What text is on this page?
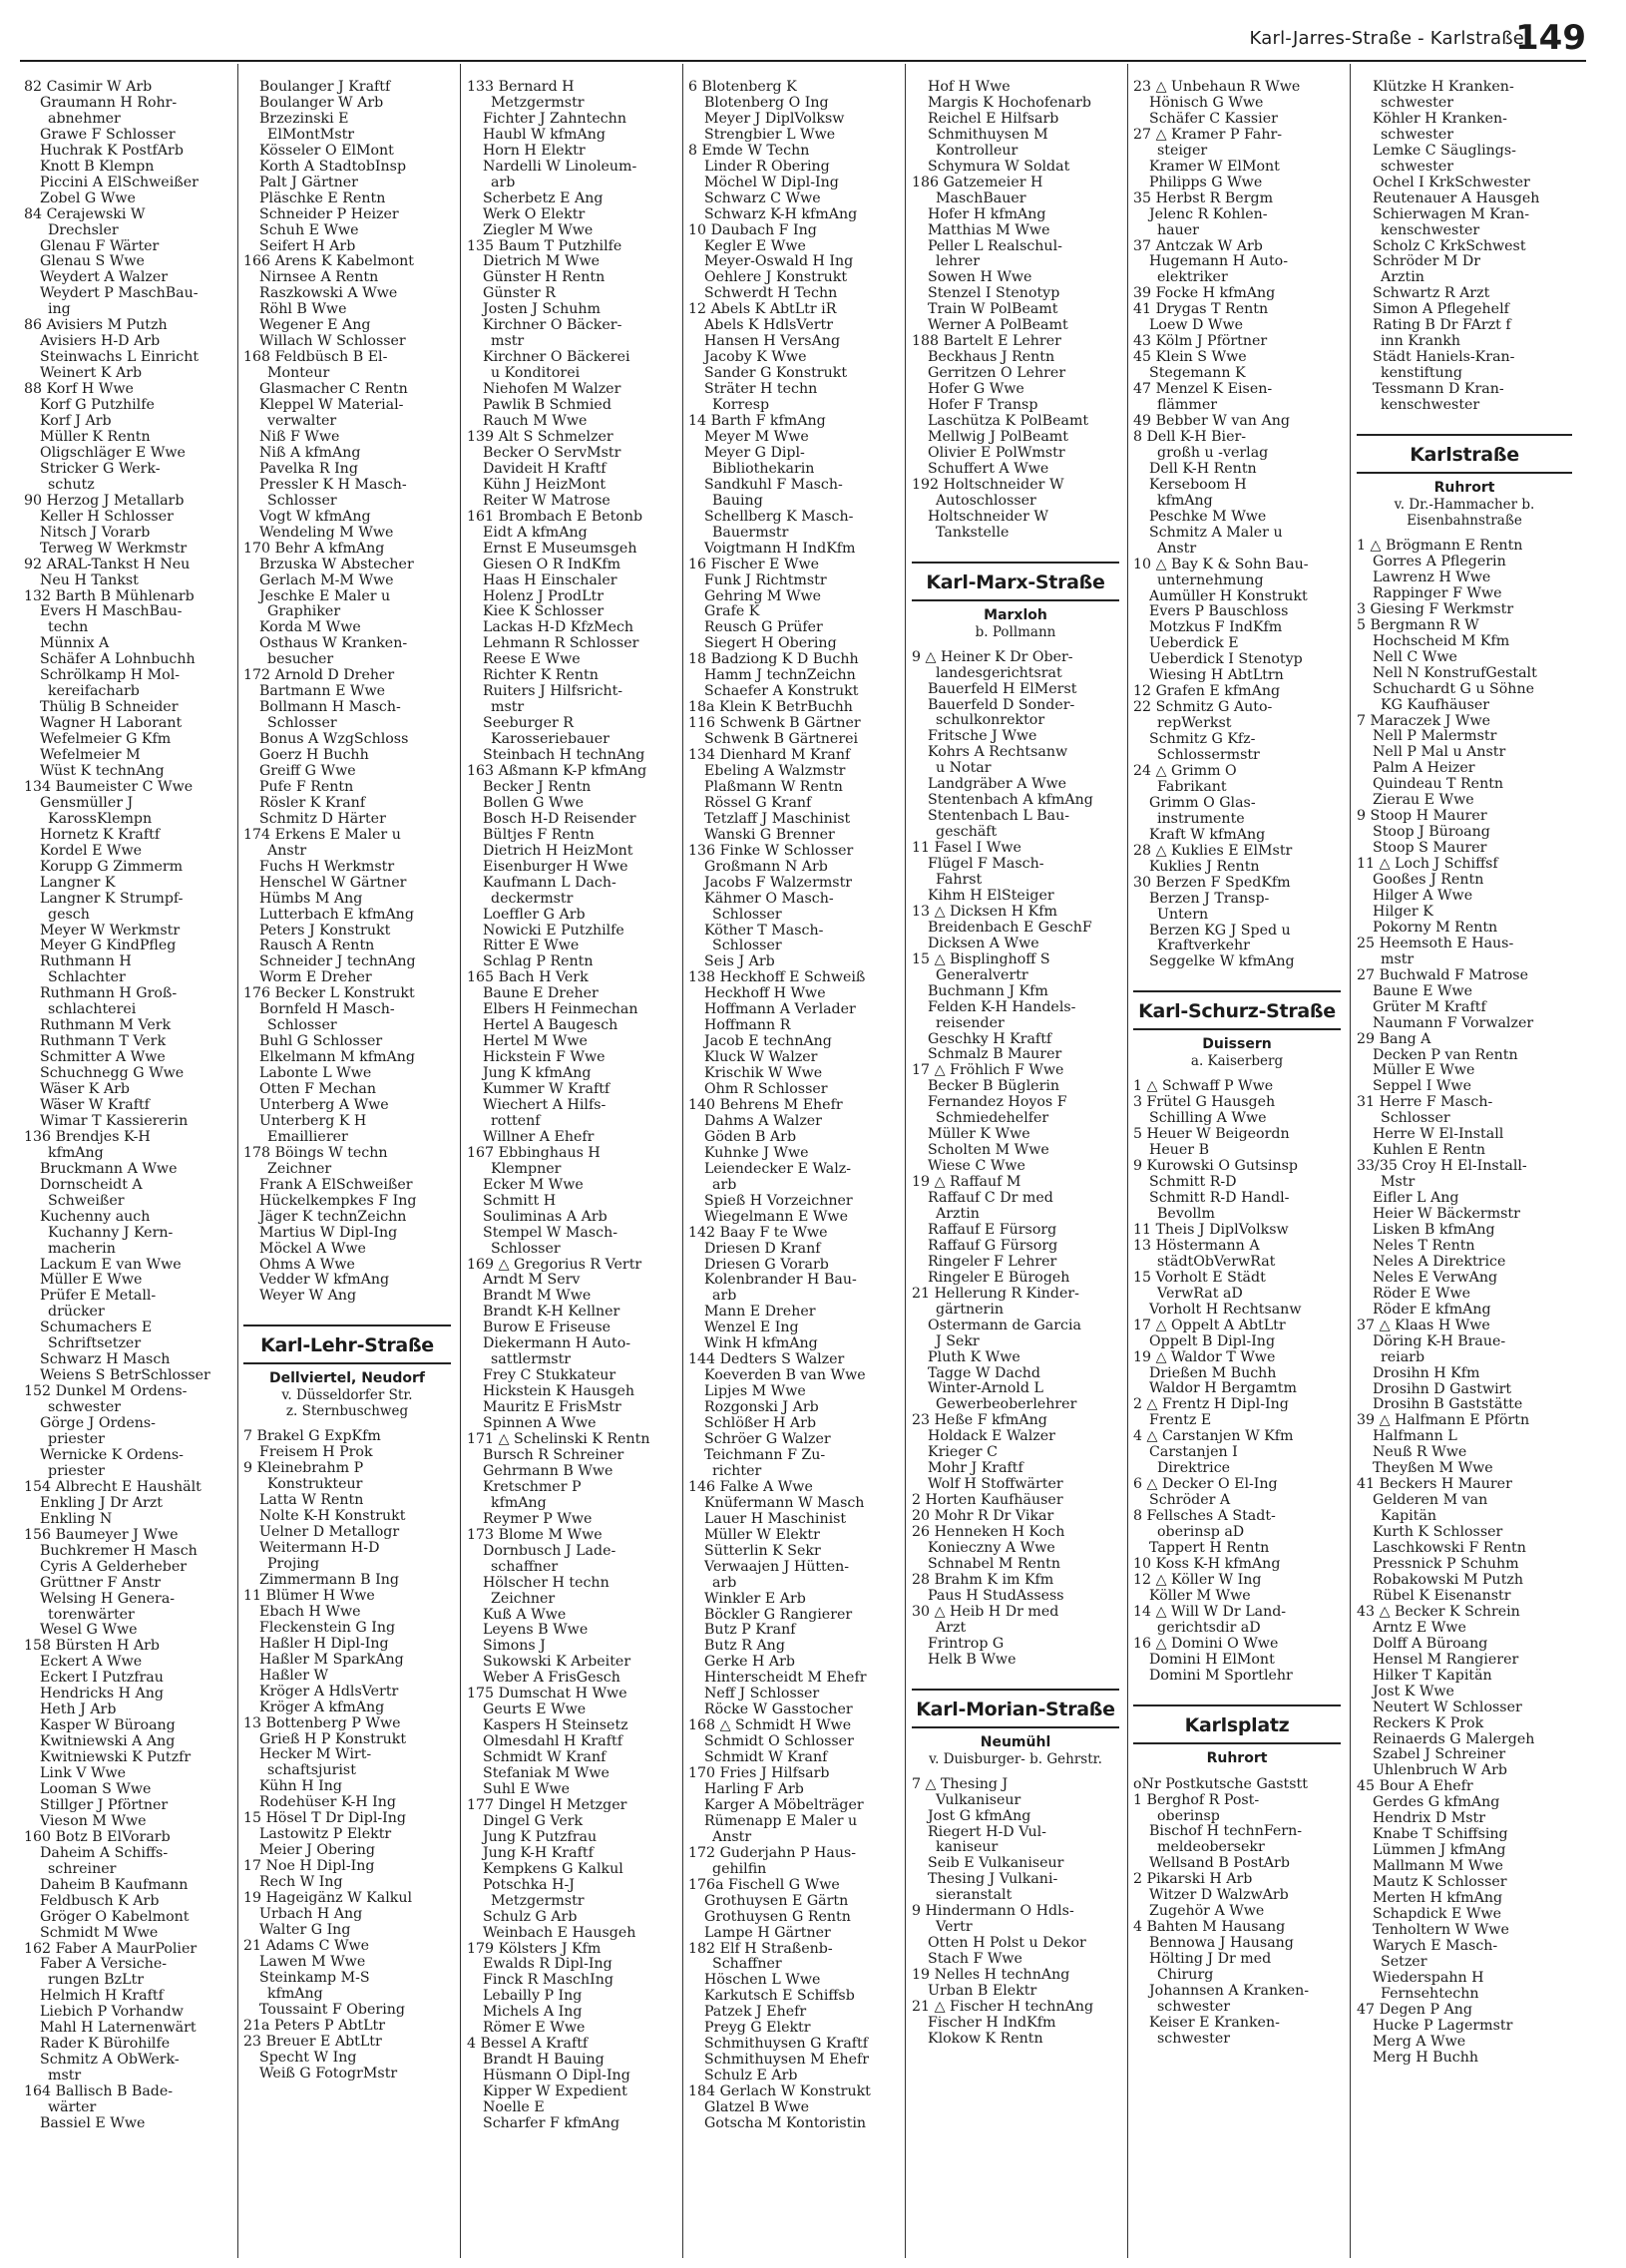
Karl-Jarres-Straße - Karlstraße
149
82 Casimir W Arb
Graumann H Rohr-
abnehmer
Grawe F Schlosser
Huchrak K PostfArb
Knott B Klempn
Piccini A ElSchweißer
Zobel G Wwe
84 Cerajewski W
Drechsler
Glenau F Wärter
Glenau S Wwe
Weydert A Walzer
Weydert P MaschBau-
ing
86 Avisiers M Putzh
Avisiers H-D Arb
Steinwachs L Einricht
Weinert K Arb
88 Korf H Wwe
Korf G Putzhilfe
Korf J Arb
Müller K Rentn
Oligschläger E Wwe
Stricker G Werk-
schutz
90 Herzog J Metallarb
Keller H Schlosser
Nitsch J Vorarb
Terweg W Werkmstr
92 ARAL-Tankst H Neu
Neu H Tankst
132 Barth B Mühlenarb
Evers H MaschBau-
techn
Münnix A
Schäfer A Lohnbuchh
Schrölkamp H Mol-
kereifacharb
Thülig B Schneider
Wagner H Laborant
Wefelmeier G Kfm
Wefelmeier M
Wüst K technAng
134 Baumeister C Wwe
Gensmüller J
KarossKlempn
Hornetz K Kraftf
Kordel E Wwe
Korupp G Zimmerm
Langner K
Langner K Strumpf-
gesch
Meyer W Werkmstr
Meyer G KindPfleg
Ruthmann H
Schlachter
Ruthmann H Groß-
schlachterei
Ruthmann M Verk
Ruthmann T Verk
Schmitter A Wwe
Schuchnegg G Wwe
Wäser K Arb
Wäser W Kraftf
Wimar T Kassiererin
136 Brendjes K-H
kfmAng
Bruckmann A Wwe
Dornscheidt A
Schweißer
Kuchenny auch
Kuchanny J Kern-
macherin
Lackum E van Wwe
Müller E Wwe
Prüfer E Metall-
drücker
Schumachers E
Schriftsetzer
Schwarz H Masch
Weiens S BetrSchlosser
152 Dunkel M Ordens-
schwester
Görge J Ordens-
priester
Wernicke K Ordens-
priester
154 Albrecht E Haushält
Enkling J Dr Arzt
Enkling N
156 Baumeyer J Wwe
Buchkremer H Masch
Cyris A Gelderheber
Grüttner F Anstr
Welsing H Genera-
torenwärter
Wesel G Wwe
158 Bürsten H Arb
Eckert A Wwe
Eckert I Putzfrau
Hendricks H Ang
Heth J Arb
Kasper W Büroang
Kwitniewski A Ang
Kwitniewski K Putzfr
Link V Wwe
Looman S Wwe
Stillger J Pförtner
Vieson M Wwe
160 Botz B ElVorarb
Daheim A Schiffs-
schreiner
Daheim B Kaufmann
Feldbusch K Arb
Gröger O Kabelmont
Schmidt M Wwe
162 Faber A MaurPolier
Faber A Versiche-
rungen BzLtr
Helmich H Kraftf
Liebich P Vorhandw
Mahl H Laternenwärt
Rader K Bürohilfe
Schmitz A ObWerk-
mstr
164 Ballisch B Bade-
wärter
Bassiel E Wwe
Boulanger J Kraftf
Boulanger W Arb
Brzezinski E
ElMontMstr
Kösseler O ElMont
Korth A StadtobInsp
Palt J Gärtner
Pläschke E Rentn
Schneider P Heizer
Schuh E Wwe
Seifert H Arb
166 Arens K Kabelmont
Nirnsee A Rentn
Raszkowski A Wwe
Röhl B Wwe
Wegener E Ang
Willach W Schlosser
168 Feldbüsch B El-
Monteur
Glasmacher C Rentn
Kleppel W Material-
verwalter
Niß F Wwe
Niß A kfmAng
Pavelka R Ing
Pressler K H Masch-
Schlosser
Vogt W kfmAng
Wendeling M Wwe
170 Behr A kfmAng
Brzuska W Abstecher
Gerlach M-M Wwe
Jeschke E Maler u
Graphiker
Korda M Wwe
Osthaus W Kranken-
besucher
172 Arnold D Dreher
Bartmann E Wwe
Bollmann H Masch-
Schlosser
Bonus A WzgSchloss
Goerz H Buchh
Greiff G Wwe
Pufe F Rentn
Rösler K Kranf
Schmitz D Härter
174 Erkens E Maler u
Anstr
Fuchs H Werkmstr
Henschel W Gärtner
Hümbs M Ang
Lutterbach E kfmAng
Peters J Konstrukt
Rausch A Rentn
Schneider J technAng
Worm E Dreher
176 Becker L Konstrukt
Bornfeld H Masch-
Schlosser
Buhl G Schlosser
Elkelmann M kfmAng
Labonte L Wwe
Otten F Mechan
Unterberg A Wwe
Unterberg K H
Emaillierer
178 Böings W techn
Zeichner
Frank A ElSchweißer
Hückelkempkes F Ing
Jäger K technZeichn
Martius W Dipl-Ing
Möckel A Wwe
Ohms A Wwe
Vedder W kfmAng
Weyer W Ang
Karl-Lehr-Straße
Dellviertel, Neudorf
v. Düsseldorfer Str.
z. Sternbuschweg
7 Brakel G ExpKfm
Freisem H Prok
9 Kleinebrahm P
Konstrukteur
Latta W Rentn
Nolte K-H Konstrukt
Uelner D Metallogr
Weitermann H-D
Projing
Zimmermann B Ing
11 Blümer H Wwe
Ebach H Wwe
Fleckenstein G Ing
Haßler H Dipl-Ing
Haßler M SparkAng
Haßler W
Kröger A HdlsVertr
Kröger A kfmAng
13 Bottenberg P Wwe
Grieß H P Konstrukt
Hecker M Wirt-
schaftsjurist
Kühn H Ing
Rodehüser K-H Ing
15 Hösel T Dr Dipl-Ing
Lastowitz P Elektr
Meier J Obering
17 Noe H Dipl-Ing
Rech W Ing
19 Hageigänz W Kalkul
Urbach H Ang
Walter G Ing
21 Adams C Wwe
Lawen M Wwe
Steinkamp M-S
kfmAng
Toussaint F Obering
21a Peters P AbtLtr
23 Breuer E AbtLtr
Specht W Ing
Weiß G FotogrMstr
133 Bernard H
Metzgermstr
Fichter J Zahntechn
Haubl W kfmAng
Horn H Elektr
Nardelli W Linoleum-
arb
Scherbetz E Ang
Werk O Elektr
Ziegler M Wwe
135 Baum T Putzhilfe
Dietrich M Wwe
Günster H Rentn
Günster R
Josten J Schuhm
Kirchner O Bäcker-
mstr
Kirchner O Bäckerei
u Konditorei
Niehofen M Walzer
Pawlik B Schmied
Rauch M Wwe
139 Alt S Schmelzer
Becker O ServMstr
Davideit H Kraftf
Kühn J HeizMont
Reiter W Matrose
161 Brombach E Betonb
Eidt A kfmAng
Ernst E Museumsgeh
Giesen O R IndKfm
Haas H Einschaler
Holenz J ProdLtr
Kiee K Schlosser
Lackas H-D KfzMech
Lehmann R Schlosser
Reese E Wwe
Richter K Rentn
Ruiters J Hilfsricht-
mstr
Seeburger R
Karosseriebauer
Steinbach H technAng
163 Aßmann K-P kfmAng
Becker J Rentn
Bollen G Wwe
Bosch H-D Reisender
Bültjes F Rentn
Dietrich H HeizMont
Eisenburger H Wwe
Kaufmann L Dach-
deckermstr
Loeffler G Arb
Nowicki E Putzhilfe
Ritter E Wwe
Schlag P Rentn
165 Bach H Verk
Baune E Dreher
Elbers H Feinmechan
Hertel A Baugesch
Hertel M Wwe
Hickstein F Wwe
Jung K kfmAng
Kummer W Kraftf
Wiechert A Hilfs-
rottenf
Willner A Ehefr
167 Ebbinghaus H
Klempner
Ecker M Wwe
Schmitt H
Souliminas A Arb
Stempel W Masch-
Schlosser
169 △ Gregorius R Vertr
Arndt M Serv
Brandt M Wwe
Brandt K-H Kellner
Burow E Friseuse
Diekermann H Auto-
sattlermstr
Frey C Stukkateur
Hickstein K Hausgeh
Mauritz E FrisMstr
Spinnen A Wwe
171 △ Schelinski K Rentn
Bursch R Schreiner
Gehrmann B Wwe
Kretschmer P
kfmAng
Reymer P Wwe
173 Blome M Wwe
Dornbusch J Lade-
schaffner
Hölscher H techn
Zeichner
Kuß A Wwe
Leyens B Wwe
Simons J
Sukowski K Arbeiter
Weber A FrisGesch
175 Dumschat H Wwe
Geurts E Wwe
Kaspers H Steinsetz
Olmesdahl H Kraftf
Schmidt W Kranf
Stefaniak M Wwe
Suhl E Wwe
177 Dingel H Metzger
Dingel G Verk
Jung K Putzfrau
Jung K-H Kraftf
Kempkens G Kalkul
Potschka H-J
Metzgermstr
Schulz G Arb
Weinbach E Hausgeh
179 Kölsters J Kfm
Ewalds R Dipl-Ing
Finck R MaschIng
Lebailly P Ing
Michels A Ing
Römer E Wwe
4 Bessel A Kraftf
Brandt H Bauing
Hüsmann O Dipl-Ing
Kipper W Expedient
Noelle E
Scharfer F kfmAng
6 Blotenberg K
Blotenberg O Ing
Meyer J DiplVolksw
Strengbier L Wwe
8 Emde W Techn
Linder R Obering
Möchel W Dipl-Ing
Schwarz C Wwe
Schwarz K-H kfmAng
10 Daubach F Ing
Kegler E Wwe
Meyer-Oswald H Ing
Oehlere J Konstrukt
Schwerdt H Techn
12 Abels K AbtLtr iR
Abels K HdlsVertr
Hansen H VersAng
Jacoby K Wwe
Sander G Konstrukt
Sträter H techn
Korresp
14 Barth F kfmAng
Meyer M Wwe
Meyer G Dipl-
Bibliothekarin
Sandkuhl F Masch-
Bauing
Schellberg K Masch-
Bauermstr
Voigtmann H IndKfm
16 Fischer E Wwe
Funk J Richtmstr
Gehring M Wwe
Grafe K
Reusch G Prüfer
Siegert H Obering
18 Badziong K D Buchh
Hamm J technZeichn
Schaefer A Konstrukt
18a Klein K BetrBuchh
116 Schwenk B Gärtner
Schwenk B Gärtnerei
134 Dienhard M Kranf
Ebeling A Walzmstr
Plaßmann W Rentn
Rössel G Kranf
Tetzlaff J Maschinist
Wanski G Brenner
136 Finke W Schlosser
Großmann N Arb
Jacobs F Walzermstr
Kähmer O Masch-
Schlosser
Köther T Masch-
Schlosser
Seis J Arb
138 Heckhoff E Schweiß
Heckhoff H Wwe
Hoffmann A Verlader
Hoffmann R
Jacob E technAng
Kluck W Walzer
Krischik W Wwe
Ohm R Schlosser
140 Behrens M Ehefr
Dahms A Walzer
Göden B Arb
Kuhnke J Wwe
Leiendecker E Walz-
arb
Spieß H Vorzeichner
Wiegelmann E Wwe
142 Baay F te Wwe
Driesen D Kranf
Driesen G Vorarb
Kolenbrander H Bau-
arb
Mann E Dreher
Wenzel E Ing
Wink H kfmAng
144 Dedters S Walzer
Koeverden B van Wwe
Lipjes M Wwe
Rozgonski J Arb
Schlößer H Arb
Schröer G Walzer
Teichmann F Zu-
richter
146 Falke A Wwe
Knüfermann W Masch
Lauer H Maschinist
Müller W Elektr
Sütterlin K Sekr
Verwaajen J Hütten-
arb
Winkler E Arb
Böckler G Rangierer
Butz P Kranf
Butz R Ang
Gerke H Arb
Hinterscheidt M Ehefr
Neff J Schlosser
Röcke W Gasstocher
168 △ Schmidt H Wwe
Schmidt O Schlosser
Schmidt W Kranf
170 Fries J Hilfsarb
Harling F Arb
Karger A Möbelträger
Rümenapp E Maler u
Anstr
172 Guderjahn P Haus-
gehilfin
176a Fischell G Wwe
Grothuysen E Gärtn
Grothuysen G Rentn
Lampe H Gärtner
182 Elf H Straßenb-
Schaffner
Höschen L Wwe
Karkutsch E Schiffsb
Patzek J Ehefr
Preyg G Elektr
Schmithuysen G Kraftf
Schmithuysen M Ehefr
Schulz E Arb
184 Gerlach W Konstrukt
Glatzel B Wwe
Gotscha M Kontoristin
Hof H Wwe
Margis K Hochofenarb
Reichel E Hilfsarb
Schmithuysen M
Kontrolleur
Schymura W Soldat
186 Gatzemeier H
MaschBauer
Hofer H kfmAng
Matthias M Wwe
Peller L Realschul-
lehrer
Sowen H Wwe
Stenzel I Stenotyp
Train W PolBeamt
Werner A PolBeamt
188 Bartelt E Lehrer
Beckhaus J Rentn
Gerritzen O Lehrer
Hofer G Wwe
Hofer F Transp
Laschütza K PolBeamt
Mellwig J PolBeamt
Olivier E PolWmstr
Schuffert A Wwe
192 Holtschneider W
Autoschlosser
Holtschneider W
Tankstelle
Karl-Marx-Straße
Marxloh
b. Pollmann
9 △ Heiner K Dr Ober-
landesgerichtsrat
Bauerfeld H ElMerst
Bauerfeld D Sonder-
schulkonrektor
Fritsche J Wwe
Kohrs A Rechtsanw
u Notar
Landgräber A Wwe
Stentenbach A kfmAng
Stentenbach L Bau-
geschäft
11 Fasel I Wwe
Flügel F Masch-
Fahrst
Kihm H ElSteiger
13 △ Dicksen H Kfm
Breidenbach E GeschF
Dicksen A Wwe
15 △ Bisplinghoff S
Generalvertr
Buchmann J Kfm
Felden K-H Handels-
reisender
Geschky H Kraftf
Schmalz B Maurer
17 △ Fröhlich F Wwe
Becker B Büglerin
Fernandez Hoyos F
Schmiedehelfer
Müller K Wwe
Scholten M Wwe
Wiese C Wwe
19 △ Raffauf M
Raffauf C Dr med
Ärztin
Raffauf E Fürsorg
Raffauf G Fürsorg
Ringeler F Lehrer
Ringeler E Bürogeh
21 Hellerung R Kinder-
gärtnerin
Ostermann de Garcia
J Sekr
Pluth K Wwe
Tagge W Dachd
Winter-Arnold L
Gewerbeoberlehrer
23 Heße F kfmAng
Holdack E Walzer
Krieger C
Mohr J Kraftf
Wolf H Stoffwärter
2 Horten Kaufhäuser
20 Mohr R Dr Vikar
26 Henneken H Koch
Konieczny A Wwe
Schnabel M Rentn
28 Brahm K im Kfm
Paus H StudAssess
30 △ Heib H Dr med
Arzt
Frintrop G
Helk B Wwe
Karl-Morian-Straße
Neumühl
v. Duisburger- b. Gehrstr.
7 △ Thesing J
Vulkaniseur
Jost G kfmAng
Riegert H-D Vul-
kaniseur
Seib E Vulkaniseur
Thesing J Vulkani-
sieranstalt
9 Hindermann O Hdls-
Vertr
Otten H Polst u Dekor
Stach F Wwe
19 Nelles H technAng
Urban B Elektr
21 △ Fischer H technAng
Fischer H IndKfm
Klokow K Rentn
23 △ Unbehaun R Wwe
Hönisch G Wwe
Schäfer C Kassier
27 △ Kramer P Fahr-
steiger
Kramer W ElMont
Philipps G Wwe
35 Herbst R Bergm
Jelenc R Kohlen-
hauer
37 Antczak W Arb
Hugemann H Auto-
elektriker
39 Focke H kfmAng
41 Drygas T Rentn
Loew D Wwe
43 Kölm J Pförtner
45 Klein S Wwe
Stegemann K
47 Menzel K Eisen-
flämmer
49 Bebber W van Ang
8 Dell K-H Bier-
großh u -verlag
Dell K-H Rentn
Kerseboom H
kfmAng
Peschke M Wwe
Schmitz A Maler u
Anstr
10 △ Bay K & Sohn Bau-
unternehmung
Aumüller H Konstrukt
Evers P Bauschloss
Motzkus F IndKfm
Ueberdick E
Ueberdick I Stenotyp
Wiesing H AbtLtrn
12 Grafen E kfmAng
22 Schmitz G Auto-
repWerkst
Schmitz G Kfz-
Schlossermstr
24 △ Grimm O
Fabrikant
Grimm O Glas-
instrumente
Kraft W kfmAng
28 △ Kuklies E ElMstr
Kuklies J Rentn
30 Berzen F SpedKfm
Berzen J Transp-
Untern
Berzen KG J Sped u
Kraftverkehr
Seggelke W kfmAng
Karl-Schurz-Straße
Duissern
a. Kaiserberg
1 △ Schwaff P Wwe
3 Frütel G Hausgeh
Schilling A Wwe
5 Heuer W Beigeordn
Heuer B
9 Kurowski O Gutsinsp
Schmitt R-D
Schmitt R-D Handl-
Bevollm
11 Theis J DiplVolksw
13 Höstermann A
städtObVerwRat
15 Vorholt E Städt
VerwRat aD
Vorholt H Rechtsanw
17 △ Oppelt A AbtLtr
Oppelt B Dipl-Ing
19 △ Waldor T Wwe
Drießen M Buchh
Waldor H Bergamtm
2 △ Frentz H Dipl-Ing
Frentz E
4 △ Carstanjen W Kfm
Carstanjen I
Direktrice
6 △ Decker O El-Ing
Schröder A
8 Fellsches A Stadt-
oberinsp aD
Tappert H Rentn
10 Koss K-H kfmAng
12 △ Köller W Ing
Köller M Wwe
14 △ Will W Dr Land-
gerichtsdir aD
16 △ Domini O Wwe
Domini H ElMont
Domini M Sportlehr
Karlsplatz
Ruhrort
oNr Postkutsche Gaststt
1 Berghof R Post-
oberinsp
Bischof H technFern-
meldeobersekr
Wellsand B PostArb
2 Pikarski H Arb
Witzer D WalzwArb
Zugehör A Wwe
4 Bahten M Hausang
Bennowa J Hausang
Hölting J Dr med
Chirurg
Johannsen A Kranken-
schwester
Keiser E Kranken-
schwester
Klützke H Kranken-
schwester
Köhler H Kranken-
schwester
Lemke C Säuglings-
schwester
Ochel I KrkSchwester
Reutenauer A Hausgeh
Schierwagen M Kran-
kenschwester
Scholz C KrkSchwest
Schröder M Dr
Ärztin
Schwartz R Arzt
Simon A Pflegehelf
Rating B Dr FArzt f
inn Krankh
Städt Haniels-Kran-
kenstiftung
Tessmann D Kran-
kenschwester
Karlstraße
Ruhrort
v. Dr.-Hammacher b.
Eisenbahnstraße
1 △ Brögmann E Rentn
Gorres A Pflegerin
Lawrenz H Wwe
Rappinger F Wwe
3 Giesing F Werkmstr
5 Bergmann R W
Hochscheid M Kfm
Nell C Wwe
Nell N KonstrufGestalt
Schuchardt G u Söhne
KG Kaufhäuser
7 Maraczek J Wwe
Nell P Malermstr
Nell P Mal u Anstr
Palm A Heizer
Quindeau T Rentn
Zierau E Wwe
9 Stoop H Maurer
Stoop J Büroang
Stoop S Maurer
11 △ Loch J Schiffsf
Gooßes J Rentn
Hilger A Wwe
Hilger K
Pokorny M Rentn
25 Heemsoth E Haus-
mstr
27 Buchwald F Matrose
Baune E Wwe
Grüter M Kraftf
Naumann F Vorwalzer
29 Bang A
Decken P van Rentn
Müller E Wwe
Seppel I Wwe
31 Herre F Masch-
Schlosser
Herre W El-Install
Kuhlen E Rentn
33/35 Croy H El-Install-
Mstr
Eifler L Ang
Heier W Bäckermstr
Lisken B kfmAng
Neles T Rentn
Neles A Direktrice
Neles E VerwAng
Röder E Wwe
Röder E kfmAng
37 △ Klaas H Wwe
Döring K-H Braue-
reiarb
Drosihn H Kfm
Drosihn D Gastwirt
Drosihn B Gaststätte
39 △ Halfmann E Pförtn
Halfmann L
Neuß R Wwe
Theyßen M Wwe
41 Beckers H Maurer
Gelderen M van
Kapitän
Kurth K Schlosser
Laschkowski F Rentn
Pressnick P Schuhm
Robakowski M Putzh
Rübel K Eisenanstr
43 △ Becker K Schrein
Arntz E Wwe
Dolff A Büroang
Hensel M Rangierer
Hilker T Kapitän
Jost K Wwe
Neutert W Schlosser
Reckers K Prok
Reinaerds G Malergeh
Szabel J Schreiner
Uhlenbruch W Arb
45 Bour A Ehefr
Gerdes G kfmAng
Hendrix D Mstr
Knabe T Schiffsing
Lümmen J kfmAng
Mallmann M Wwe
Mautz K Schlosser
Merten H kfmAng
Schapdick E Wwe
Tenholtern W Wwe
Warych E Masch-
Setzer
Wiederspahn H
Fernsehtechn
47 Degen P Ang
Hucke P Lagermstr
Merg A Wwe
Merg H Buchh
